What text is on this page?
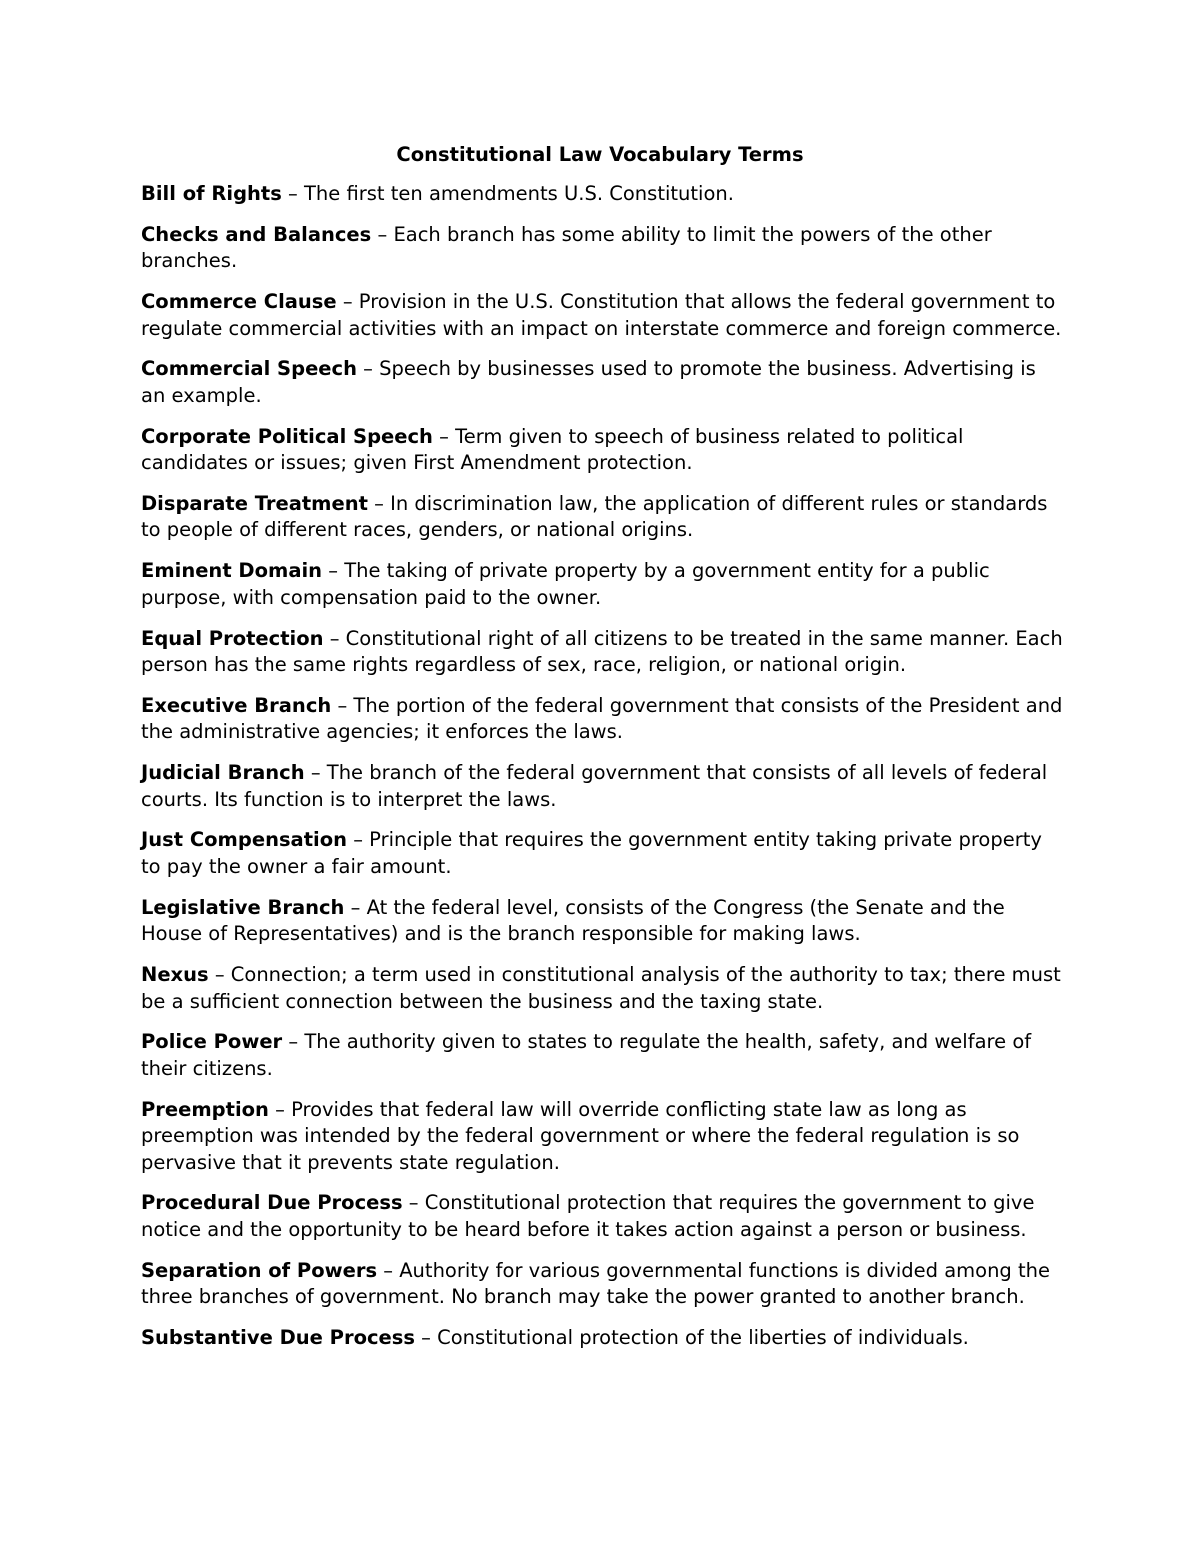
Constitutional Law Vocabulary Terms
Bill of Rights – The first ten amendments U.S. Constitution.
Checks and Balances – Each branch has some ability to limit the powers of the other branches.
Commerce Clause – Provision in the U.S. Constitution that allows the federal government to regulate commercial activities with an impact on interstate commerce and foreign commerce.
Commercial Speech – Speech by businesses used to promote the business. Advertising is an example.
Corporate Political Speech – Term given to speech of business related to political candidates or issues; given First Amendment protection.
Disparate Treatment – In discrimination law, the application of different rules or standards to people of different races, genders, or national origins.
Eminent Domain – The taking of private property by a government entity for a public purpose, with compensation paid to the owner.
Equal Protection – Constitutional right of all citizens to be treated in the same manner. Each person has the same rights regardless of sex, race, religion, or national origin.
Executive Branch – The portion of the federal government that consists of the President and the administrative agencies; it enforces the laws.
Judicial Branch – The branch of the federal government that consists of all levels of federal courts. Its function is to interpret the laws.
Just Compensation – Principle that requires the government entity taking private property to pay the owner a fair amount.
Legislative Branch – At the federal level, consists of the Congress (the Senate and the House of Representatives) and is the branch responsible for making laws.
Nexus – Connection; a term used in constitutional analysis of the authority to tax; there must be a sufficient connection between the business and the taxing state.
Police Power – The authority given to states to regulate the health, safety, and welfare of their citizens.
Preemption – Provides that federal law will override conflicting state law as long as preemption was intended by the federal government or where the federal regulation is so pervasive that it prevents state regulation.
Procedural Due Process – Constitutional protection that requires the government to give notice and the opportunity to be heard before it takes action against a person or business.
Separation of Powers – Authority for various governmental functions is divided among the three branches of government. No branch may take the power granted to another branch.
Substantive Due Process – Constitutional protection of the liberties of individuals.
